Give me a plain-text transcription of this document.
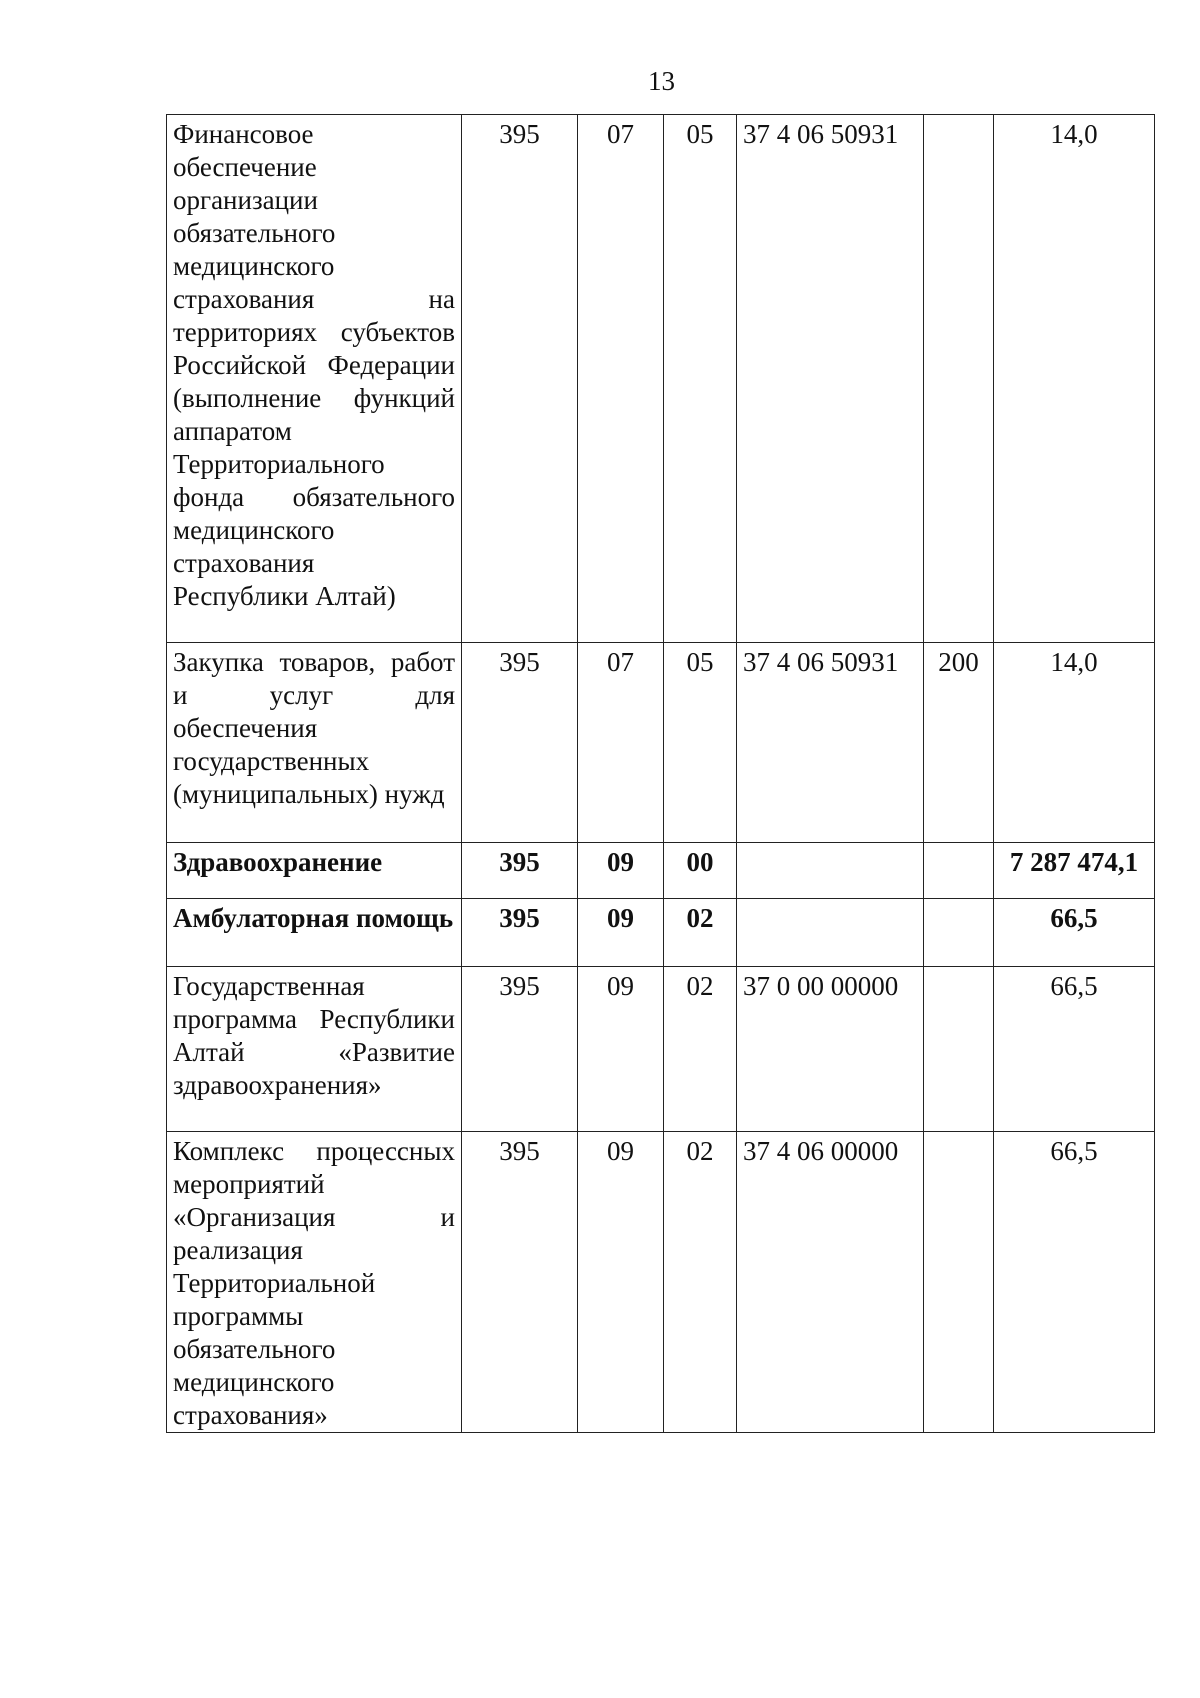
13
Финансовое обеспечение организации обязательного медицинского страхования на территориях субъектов Российской Федерации (выполнение функций аппаратом Территориального фонда обязательного медицинского страхования Республики Алтай)	395	07	05	37 4 06 50931		14,0
Закупка товаров, работ и услуг для обеспечения государственных (муниципальных) нужд	395	07	05	37 4 06 50931	200	14,0
Здравоохранение	395	09	00			7 287 474,1
Амбулаторная помощь	395	09	02			66,5
Государственная программа Республики Алтай «Развитие здравоохранения»	395	09	02	37 0 00 00000		66,5
Комплекс процессных мероприятий «Организация и реализация Территориальной программы обязательного медицинского страхования»	395	09	02	37 4 06 00000		66,5
